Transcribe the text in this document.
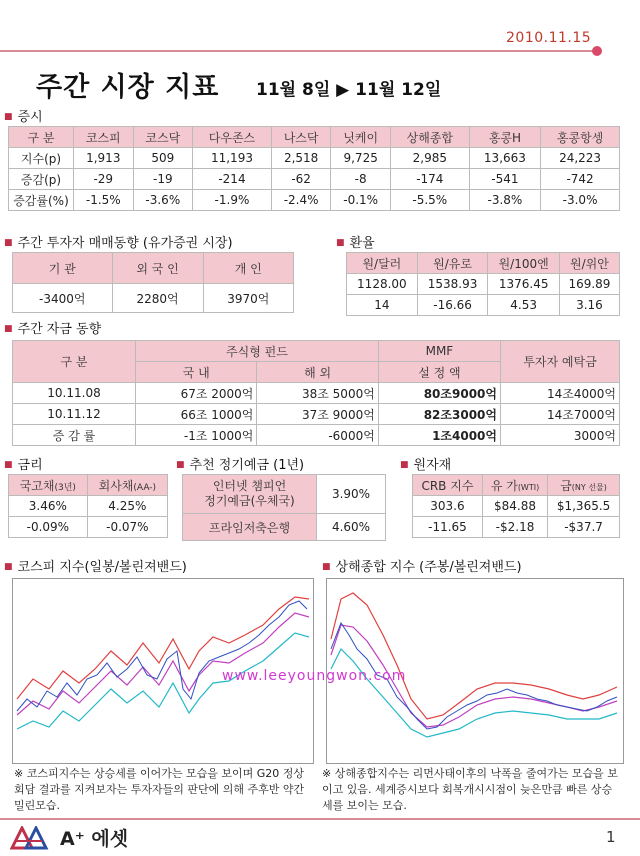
2010.11.15
주간 시장 지표 11월 8일 ▶ 11월 12일
■ 증시
구 분	코스피	코스닥	다우존스	나스닥	닛케이	상해종합	홍콩H	홍콩항셍
지수(p)	1,913	509	11,193	2,518	9,725	2,985	13,663	24,223
증감(p)	-29	-19	-214	-62	-8	-174	-541	-742
증감률(%)	-1.5%	-3.6%	-1.9%	-2.4%	-0.1%	-5.5%	-3.8%	-3.0%
■ 주간 투자자 매매동향 (유가증권 시장)
기 관	외 국 인	개 인
-3400억	2280억	3970억
■ 환율
원/달러	원/유로	원/100엔	원/위안
1128.00	1538.93	1376.45	169.89
14	-16.66	4.53	3.16
■ 주간 자금 동향
구 분	주식형 펀드		MMF	투자자 예탁금
	국 내	해 외	설 정 액	
10.11.08	67조 2000억	38조 5000억	80조9000억	14조4000억
10.11.12	66조 1000억	37조 9000억	82조3000억	14조7000억
증 감 률	-1조 1000억	-6000억	1조4000억	3000억
■ 금리
국고채(3년)	회사채(AA-)
3.46%	4.25%
-0.09%	-0.07%
■ 추천 정기예금 (1년)
인터넷 챔피언
정기예금(우체국)	3.90%
프라임저축은행	4.60%
■ 원자재
CRB 지수	유 가(WTI)	금(NY 선물)
303.6	$84.88	$1,365.5
-11.65	-$2.18	-$37.7
■ 코스피 지수(일봉/볼린져밴드)	■ 상해종합 지수 (주봉/볼린져밴드)
www.leeyoungwon.com
※ 코스피지수는 상승세를 이어가는 모습을 보이며 G20 정상회담 결과를 지켜보자는 투자자들의 판단에 의해 주후반 약간 밀린모습.
※ 상해종합지수는 리먼사태이후의 낙폭을 줄여가는 모습을 보이고 있음. 세계증시보다 회복개시시점이 늦은만큼 빠른 상승세를 보이는 모습.
A⁺ 에셋	1
